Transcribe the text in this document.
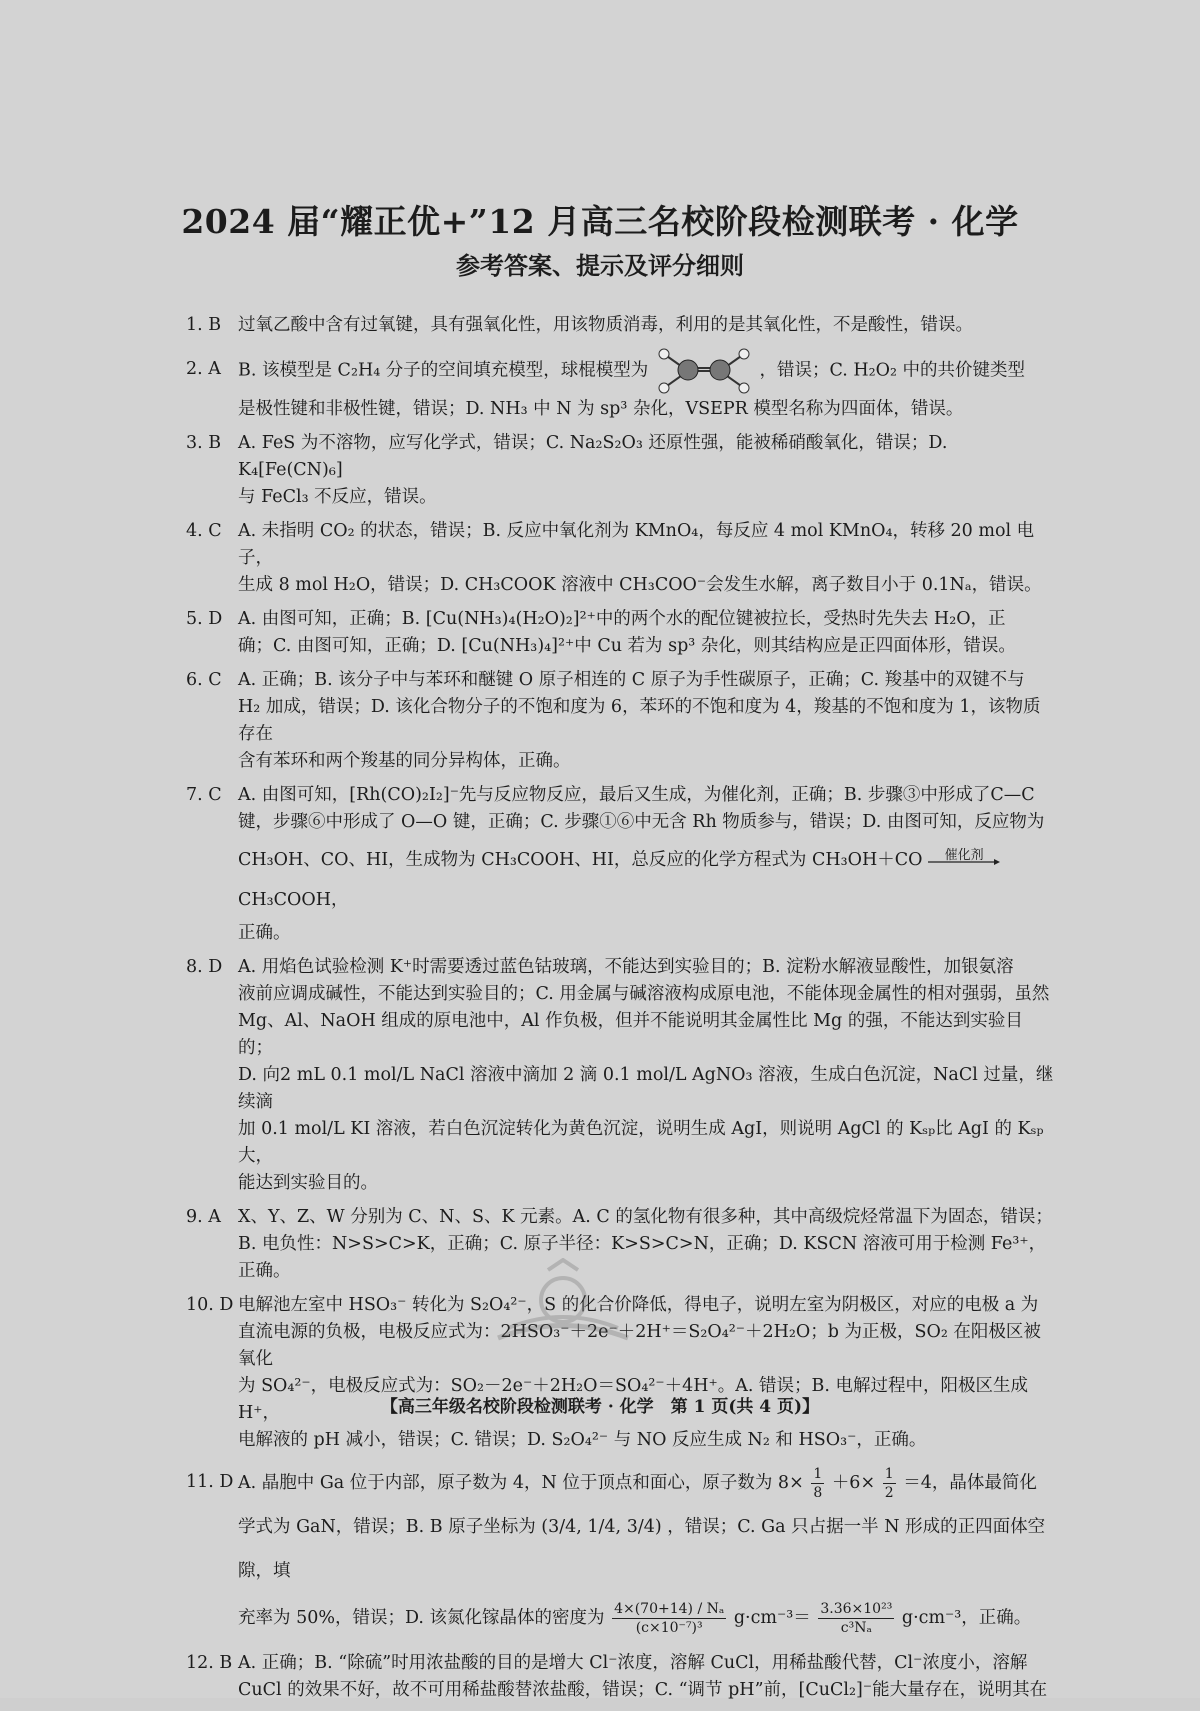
2024 届“耀正优+”12 月高三名校阶段检测联考 · 化学
参考答案、提示及评分细则
1. B 过氧乙酸中含有过氧键，具有强氧化性，用该物质消毒，利用的是其氧化性，不是酸性，错误。

2. A B. 该模型是 C₂H₄ 分子的空间填充模型，球棍模型为	，错误；C. H₂O₂ 中的共价键类型

是极性键和非极性键，错误；D. NH₃ 中 N 为 sp³ 杂化，VSEPR 模型名称为四面体，错误。

3. B A. FeS 为不溶物，应写化学式，错误；C. Na₂S₂O₃ 还原性强，能被稀硝酸氧化，错误；D. K₄[Fe(CN)₆]

与 FeCl₃ 不反应，错误。

4. C A. 未指明 CO₂ 的状态，错误；B. 反应中氧化剂为 KMnO₄，每反应 4 mol KMnO₄，转移 20 mol 电子，

生成 8 mol H₂O，错误；D. CH₃COOK 溶液中 CH₃COO⁻会发生水解，离子数目小于 0.1Nₐ，错误。

5. D A. 由图可知，正确；B. [Cu(NH₃)₄(H₂O)₂]²⁺中的两个水的配位键被拉长，受热时先失去 H₂O，正

确；C. 由图可知，正确；D. [Cu(NH₃)₄]²⁺中 Cu 若为 sp³ 杂化，则其结构应是正四面体形，错误。

6. C A. 正确；B. 该分子中与苯环和醚键 O 原子相连的 C 原子为手性碳原子，正确；C. 羧基中的双键不与

H₂ 加成，错误；D. 该化合物分子的不饱和度为 6，苯环的不饱和度为 4，羧基的不饱和度为 1，该物质存在

含有苯环和两个羧基的同分异构体，正确。

7. C A. 由图可知，[Rh(CO)₂I₂]⁻先与反应物反应，最后又生成，为催化剂，正确；B. 步骤③中形成了C—C

键，步骤⑥中形成了 O—O 键，正确；C. 步骤①⑥中无含 Rh 物质参与，错误；D. 由图可知，反应物为

CH₃OH、CO、HI，生成物为 CH₃COOH、HI，总反应的化学方程式为 CH₃OH＋CO	催化剂
CH₃COOH，

正确。

8. D A. 用焰色试验检测 K⁺时需要透过蓝色钴玻璃，不能达到实验目的；B. 淀粉水解液显酸性，加银氨溶

液前应调成碱性，不能达到实验目的；C. 用金属与碱溶液构成原电池，不能体现金属性的相对强弱，虽然

Mg、Al、NaOH 组成的原电池中，Al 作负极，但并不能说明其金属性比 Mg 的强，不能达到实验目的；

D. 向2 mL 0.1 mol/L NaCl 溶液中滴加 2 滴 0.1 mol/L AgNO₃ 溶液，生成白色沉淀，NaCl 过量，继续滴

加 0.1 mol/L KI 溶液，若白色沉淀转化为黄色沉淀，说明生成 AgI，则说明 AgCl 的 Kₛₚ比 AgI 的 Kₛₚ大，

能达到实验目的。

9. A X、Y、Z、W 分别为 C、N、S、K 元素。A. C 的氢化物有很多种，其中高级烷烃常温下为固态，错误；

B. 电负性：N>S>C>K，正确；C. 原子半径：K>S>C>N，正确；D. KSCN 溶液可用于检测 Fe³⁺，正确。

10. D 电解池左室中 HSO₃⁻ 转化为 S₂O₄²⁻，S 的化合价降低，得电子，说明左室为阴极区，对应的电极 a 为

直流电源的负极，电极反应式为：2HSO₃⁻＋2e⁻＋2H⁺＝S₂O₄²⁻＋2H₂O；b 为正极，SO₂ 在阳极区被氧化

为 SO₄²⁻，电极反应式为：SO₂－2e⁻＋2H₂O＝SO₄²⁻＋4H⁺。A. 错误；B. 电解过程中，阳极区生成 H⁺，

电解液的 pH 减小，错误；C. 错误；D. S₂O₄²⁻ 与 NO 反应生成 N₂ 和 HSO₃⁻，正确。

11. D A. 晶胞中 Ga 位于内部，原子数为 4，N 位于顶点和面心，原子数为 $8\times \frac{1}{8} +6\times \frac{1}{2} =4$，晶体最简化

学式为 GaN，错误；B. B 原子坐标为 (3/4, 1/4, 3/4) ，错误；C. Ga 只占据一半 N 形成的正四面体空隙，填

充率为 50%，错误；D. 该氮化镓晶体的密度为 $\frac{\text{4×(70+14) / Nₐ}}{\text{(c×10⁻⁷)³}} g\cdot cm^{-3}= \frac{\text{3.36×10²³}}{\text{c³Nₐ}} g\cdot cm^{-3}$，正确。

12. B A. 正确；B. “除硫”时用浓盐酸的目的是增大 Cl⁻浓度，溶解 CuCl，用稀盐酸代替，Cl⁻浓度小，溶解

CuCl 的效果不好，故不可用稀盐酸替浓盐酸，错误；C. “调节 pH”前，[CuCl₂]⁻能大量存在，说明其在

【高三年级名校阶段检测联考 · 化学　第 1 页(共 4 页)】
